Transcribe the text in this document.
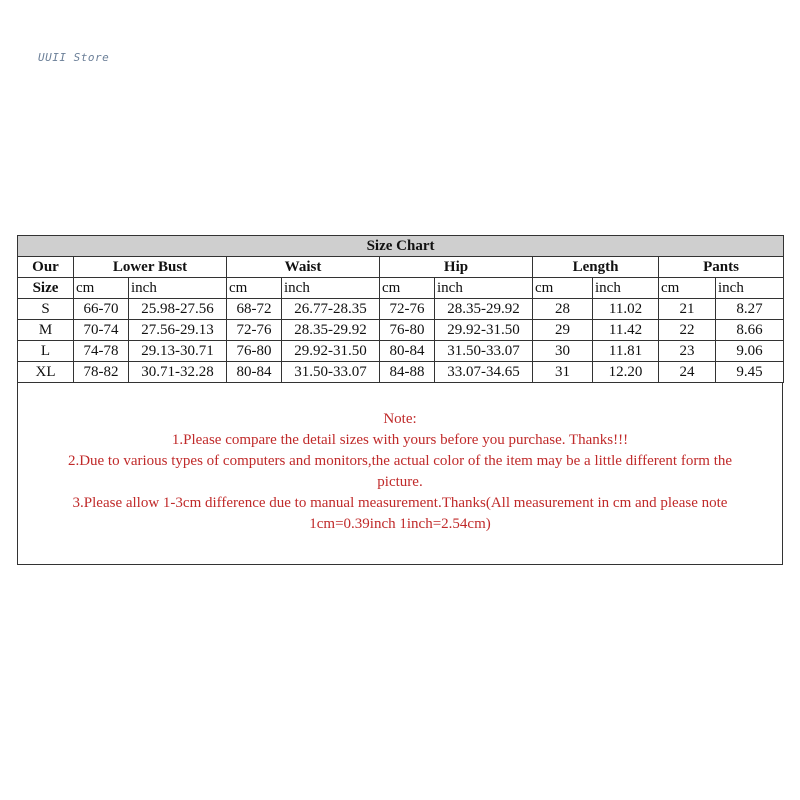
UUII Store
Size Chart										
Our	Lower Bust		Waist		Hip		Length		Pants	
Size	cm	inch	cm	inch	cm	inch	cm	inch	cm	inch
S	66-70	25.98-27.56	68-72	26.77-28.35	72-76	28.35-29.92	28	11.02	21	8.27
M	70-74	27.56-29.13	72-76	28.35-29.92	76-80	29.92-31.50	29	11.42	22	8.66
L	74-78	29.13-30.71	76-80	29.92-31.50	80-84	31.50-33.07	30	11.81	23	9.06
XL	78-82	30.71-32.28	80-84	31.50-33.07	84-88	33.07-34.65	31	12.20	24	9.45

Note:

1.Please compare the detail sizes with yours before you purchase. Thanks!!!

2.Due to various types of computers and monitors,the actual color of the item may be a little different form the

picture.

3.Please allow 1-3cm difference due to manual measurement.Thanks(All measurement in cm and please note

1cm=0.39inch 1inch=2.54cm)
